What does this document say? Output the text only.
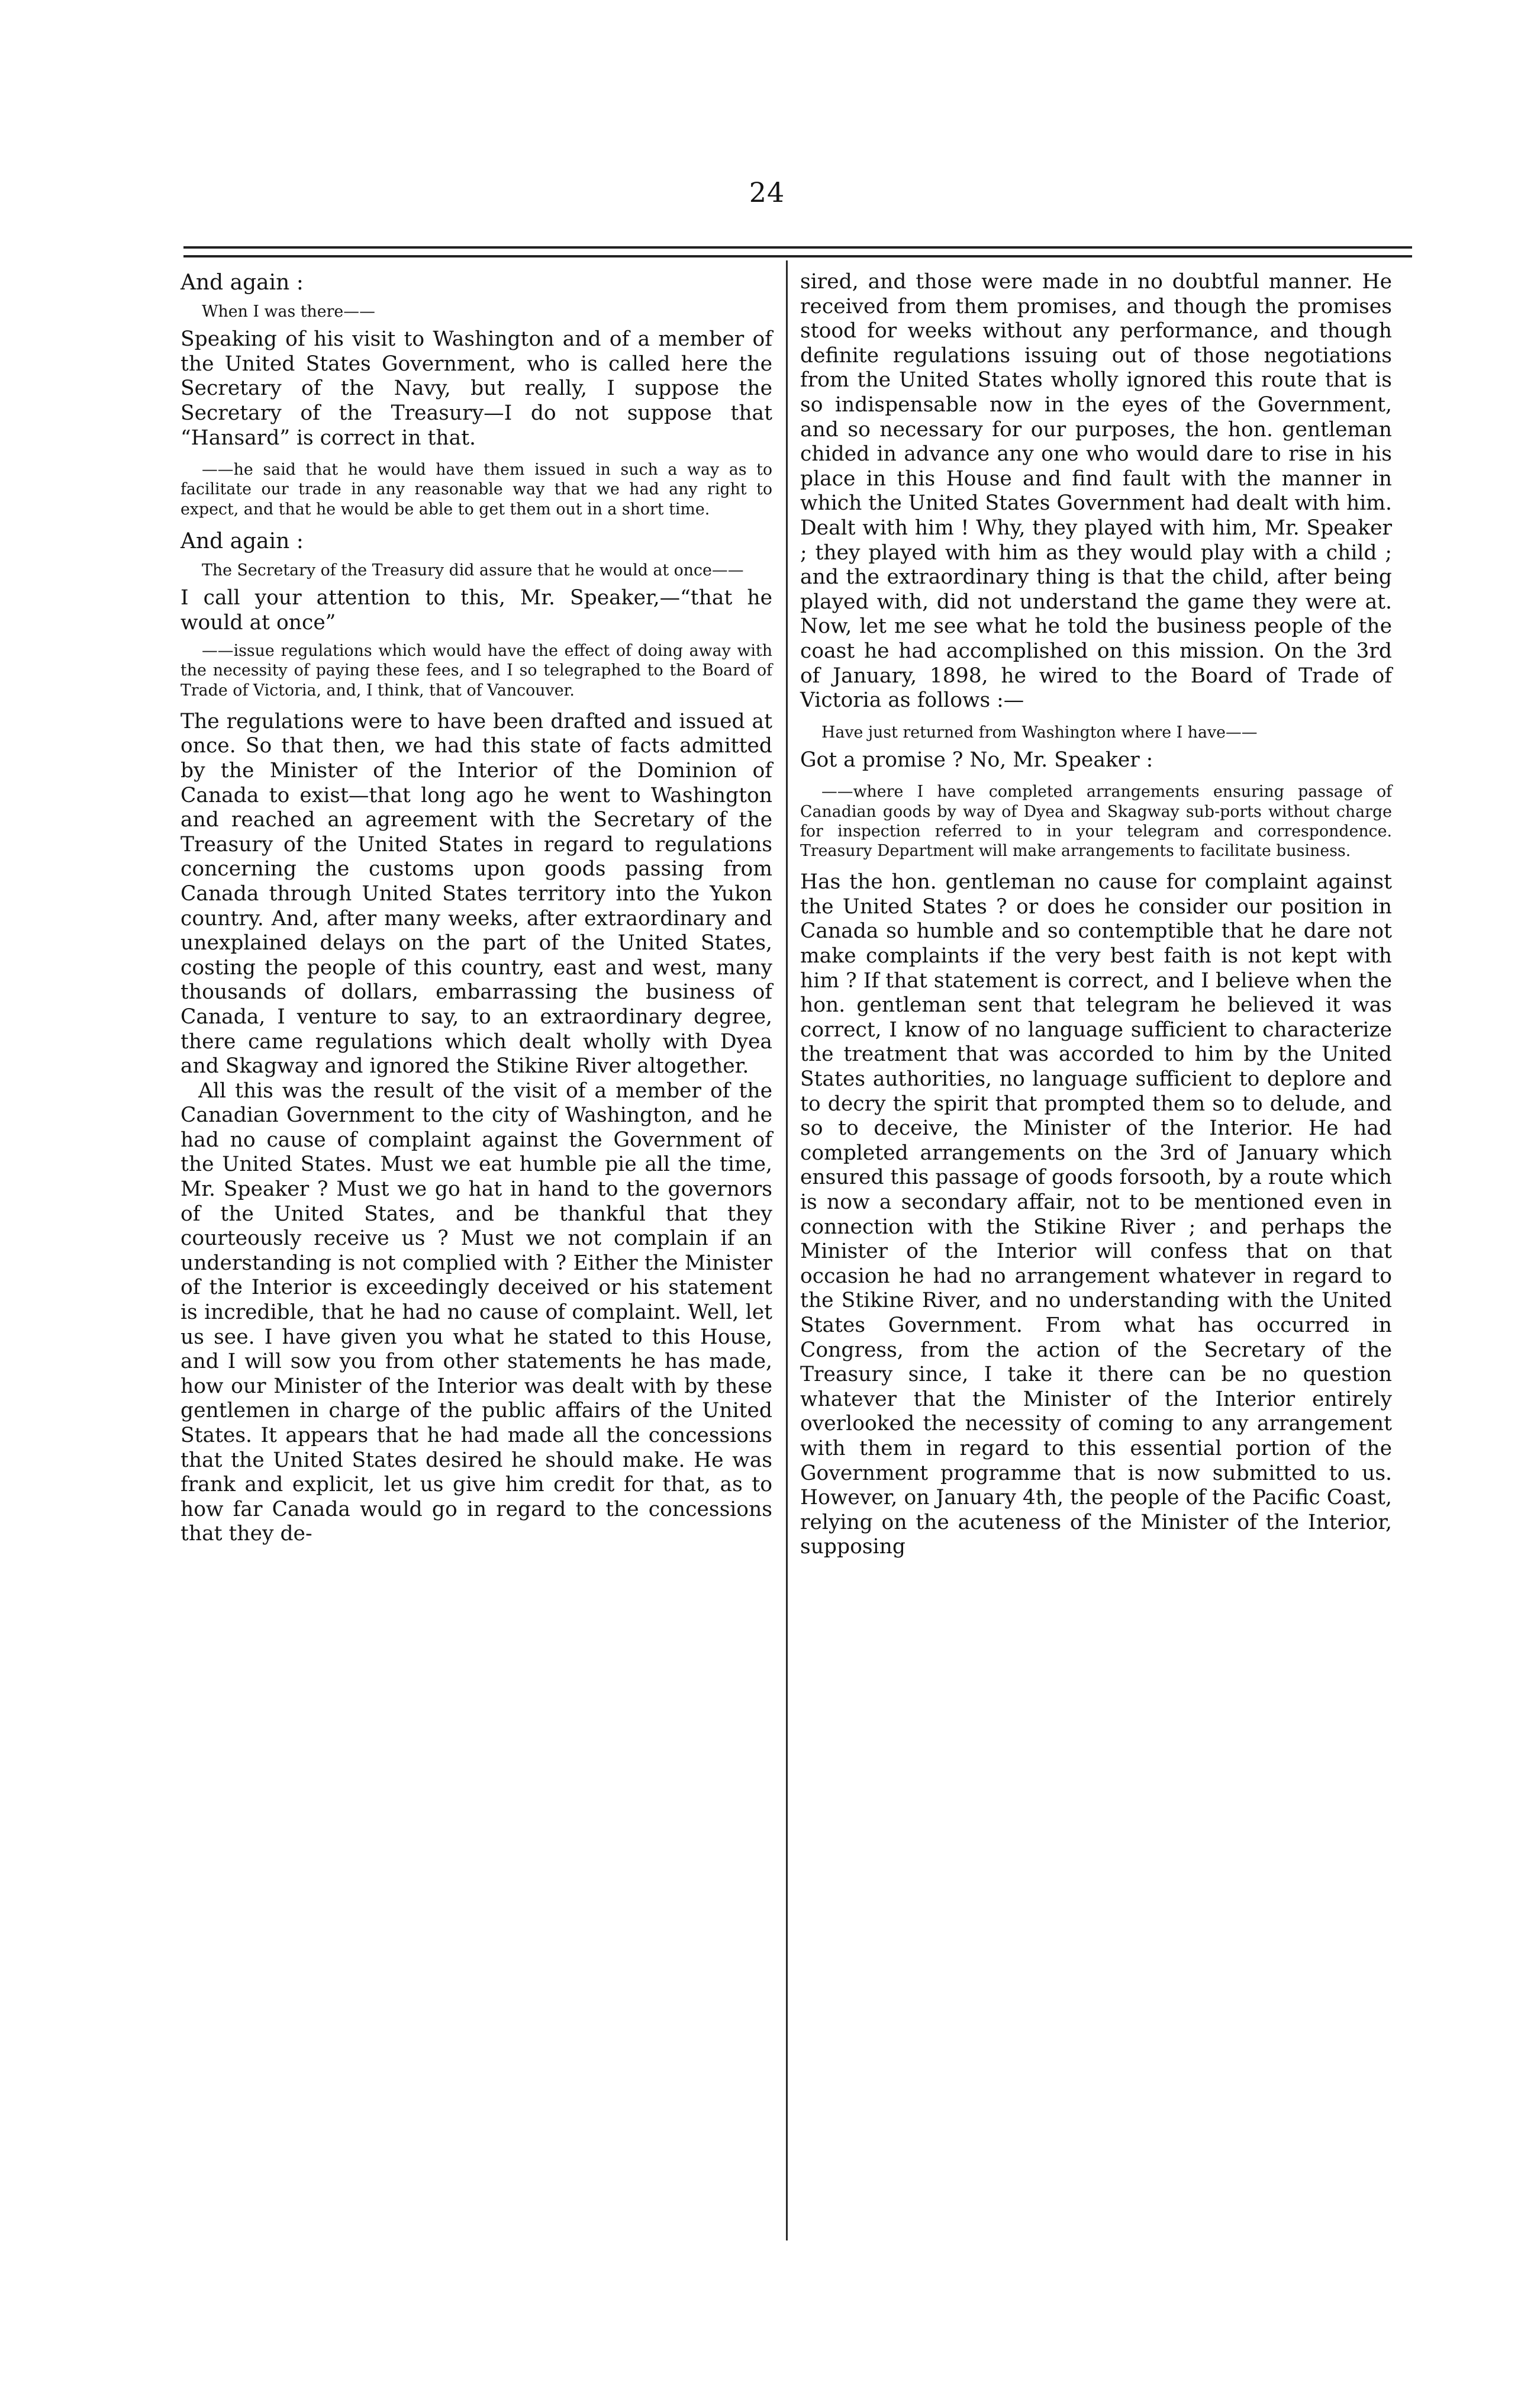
24

And again :

When I was there——

Speaking of his visit to Washington and of a member of the United States Government, who is called here the Secretary of the Navy, but really, I suppose the Secretary of the Treasury—I do not suppose that “Hansard” is correct in that.

——he said that he would have them issued in such a way as to facilitate our trade in any reasonable way that we had any right to expect, and that he would be able to get them out in a short time.

And again :

The Secretary of the Treasury did assure that he would at once——

I call your attention to this, Mr. Speaker,—“that he would at once”

——issue regulations which would have the effect of doing away with the necessity of paying these fees, and I so telegraphed to the Board of Trade of Victoria, and, I think, that of Vancouver.

The regulations were to have been drafted and issued at once. So that then, we had this state of facts admitted by the Minister of the Interior of the Dominion of Canada to exist—that long ago he went to Washington and reached an agreement with the Secretary of the Treasury of the United States in regard to regulations concerning the customs upon goods passing from Canada through United States territory into the Yukon country. And, after many weeks, after extraordinary and unexplained delays on the part of the United States, costing the people of this country, east and west, many thousands of dollars, embarrassing the business of Canada, I venture to say, to an extraordinary degree, there came regulations which dealt wholly with Dyea and Skagway and ignored the Stikine River altogether.

All this was the result of the visit of a member of the Canadian Government to the city of Washington, and he had no cause of complaint against the Government of the United States. Must we eat humble pie all the time, Mr. Speaker ? Must we go hat in hand to the governors of the United States, and be thankful that they courteously receive us ? Must we not complain if an understanding is not complied with ? Either the Minister of the Interior is exceedingly deceived or his statement is incredible, that he had no cause of complaint. Well, let us see. I have given you what he stated to this House, and I will sow you from other statements he has made, how our Minister of the Interior was dealt with by these gentlemen in charge of the public affairs of the United States. It appears that he had made all the concessions that the United States desired he should make. He was frank and explicit, let us give him credit for that, as to how far Canada would go in regard to the concessions that they de-

sired, and those were made in no doubtful manner. He received from them promises, and though the promises stood for weeks without any performance, and though definite regulations issuing out of those negotiations from the United States wholly ignored this route that is so indispensable now in the eyes of the Government, and so necessary for our purposes, the hon. gentleman chided in advance any one who would dare to rise in his place in this House and find fault with the manner in which the United States Government had dealt with him. Dealt with him ! Why, they played with him, Mr. Speaker ; they played with him as they would play with a child ; and the extraordinary thing is that the child, after being played with, did not understand the game they were at. Now, let me see what he told the business people of the coast he had accomplished on this mission. On the 3rd of January, 1898, he wired to the Board of Trade of Victoria as follows :—

Have just returned from Washington where I have——

Got a promise ? No, Mr. Speaker :

——where I have completed arrangements ensuring passage of Canadian goods by way of Dyea and Skagway sub-ports without charge for inspection referred to in your telegram and correspondence. Treasury Department will make arrangements to facilitate business.

Has the hon. gentleman no cause for complaint against the United States ? or does he consider our position in Canada so humble and so contemptible that he dare not make complaints if the very best faith is not kept with him ? If that statement is correct, and I believe when the hon. gentleman sent that telegram he believed it was correct, I know of no language sufficient to characterize the treatment that was accorded to him by the United States authorities, no language sufficient to deplore and to decry the spirit that prompted them so to delude, and so to deceive, the Minister of the Interior. He had completed arrangements on the 3rd of January which ensured this passage of goods forsooth, by a route which is now a secondary affair, not to be mentioned even in connection with the Stikine River ; and perhaps the Minister of the Interior will confess that on that occasion he had no arrangement whatever in regard to the Stikine River, and no understanding with the United States Government. From what has occurred in Congress, from the action of the Secretary of the Treasury since, I take it there can be no question whatever that the Minister of the Interior entirely overlooked the necessity of coming to any arrangement with them in regard to this essential portion of the Government programme that is now submitted to us. However, on January 4th, the people of the Pacific Coast, relying on the acuteness of the Minister of the Interior, supposing
